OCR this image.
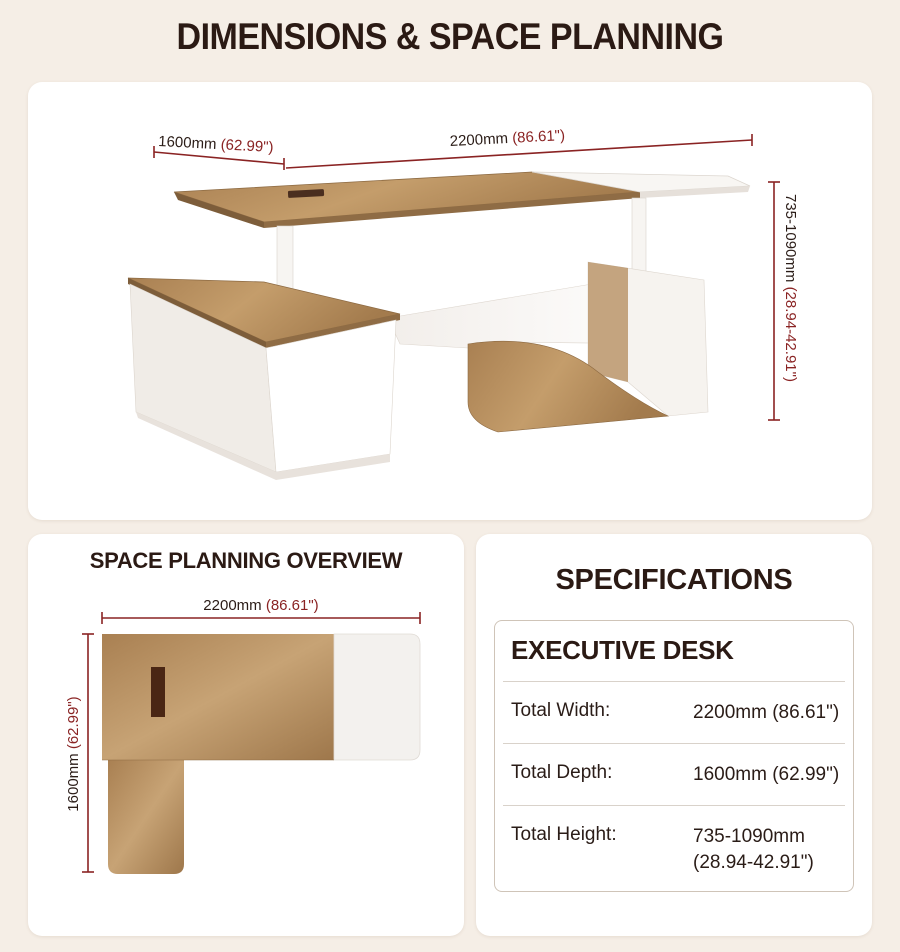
DIMENSIONS & SPACE PLANNING
1600mm (62.99")	2200mm (86.61")
735-1090mm (28.94-42.91")
SPACE PLANNING OVERVIEW
2200mm (86.61")
1600mm (62.99")
SPECIFICATIONS
EXECUTIVE DESK
Total Width:	2200mm (86.61")
Total Depth:	1600mm (62.99")
Total Height:	735-1090mm
(28.94-42.91")
